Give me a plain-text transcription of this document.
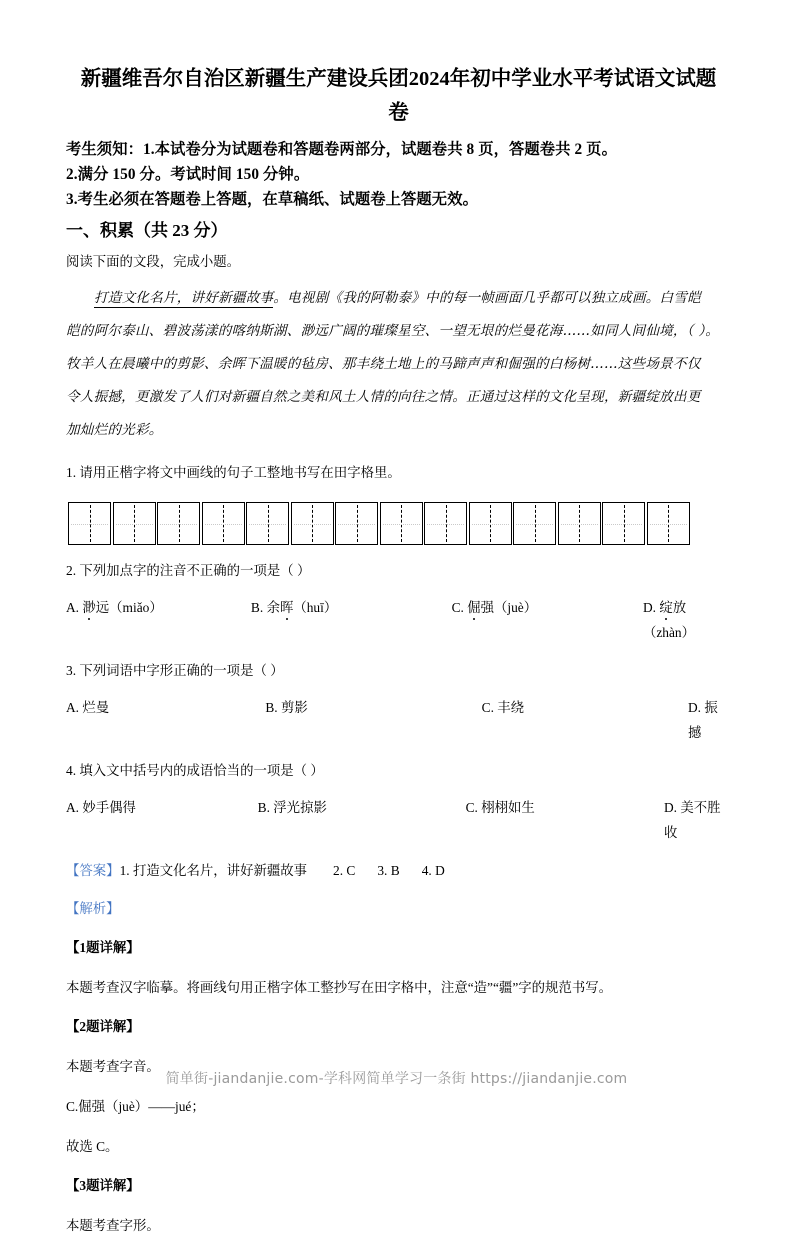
新疆维吾尔自治区新疆生产建设兵团2024年初中学业水平考试语文试题卷
考生须知：1.本试卷分为试题卷和答题卷两部分，试题卷共 8 页，答题卷共 2 页。
2.满分 150 分。考试时间 150 分钟。
3.考生必须在答题卷上答题，在草稿纸、试题卷上答题无效。
一、积累（共 23 分）
阅读下面的文段，完成小题。
打造文化名片，讲好新疆故事。电视剧《我的阿勒泰》中的每一帧画面几乎都可以独立成画。白雪皑
皑的阿尔泰山、碧波荡漾的喀纳斯湖、渺远广阔的璀璨星空、一望无垠的烂曼花海……如同人间仙境，（ ）。
牧羊人在晨曦中的剪影、余晖下温暖的毡房、那丰绕土地上的马蹄声声和倔强的白杨树……这些场景不仅
令人振撼，更激发了人们对新疆自然之美和风土人情的向往之情。正通过这样的文化呈现，新疆绽放出更
加灿烂的光彩。
1. 请用正楷字将文中画线的句子工整地书写在田字格里。
2. 下列加点字的注音不正确的一项是（ ）
A. 渺远（miǎo）	B. 余晖（huī）	C. 倔强（juè）	D. 绽放（zhàn）
3. 下列词语中字形正确的一项是（ ）
A. 烂曼	B. 剪影	C. 丰绕	D. 振撼
4. 填入文中括号内的成语恰当的一项是（ ）
A. 妙手偶得	B. 浮光掠影	C. 栩栩如生	D. 美不胜收
【答案】1. 打造文化名片，讲好新疆故事 2. C 3. B 4. D
【解析】
【1题详解】
本题考查汉字临摹。将画线句用正楷字体工整抄写在田字格中，注意“造”“疆”字的规范书写。
【2题详解】
本题考查字音。
C.倔强（juè）——jué；
故选 C。
【3题详解】
本题考查字形。
简单街-jiandanjie.com-学科网简单学习一条街 https://jiandanjie.com
